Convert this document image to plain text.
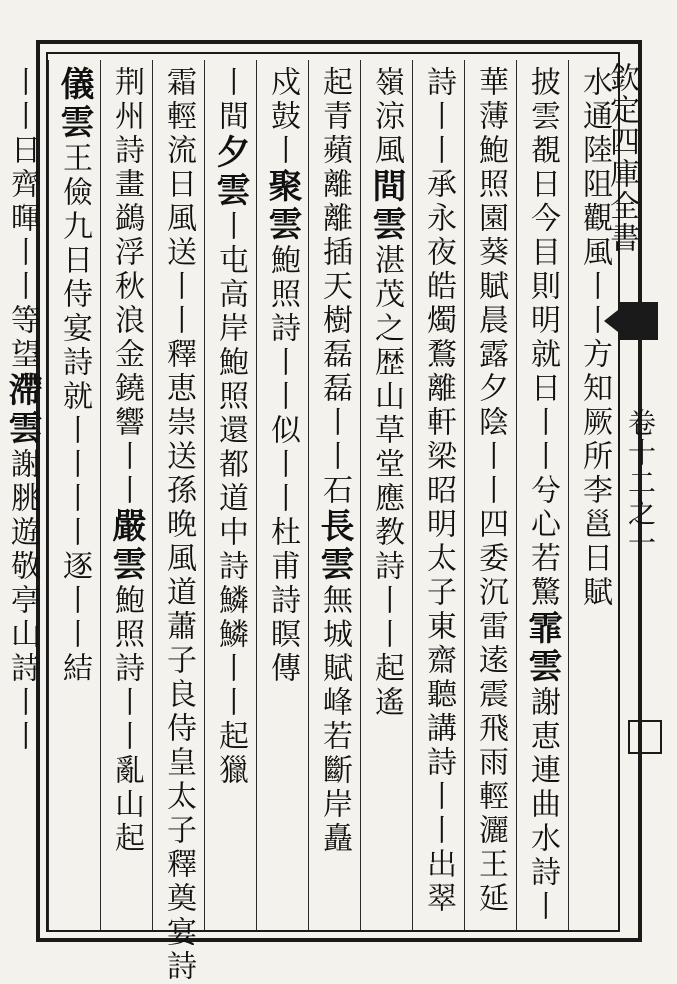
欽定四庫全書
卷十二之一
水通陸阻觀風丨丨方知厥所李邕日賦
披雲覩日今目則明就日丨丨兮心若驚霏雲謝恵連曲水詩丨
華薄鮑照園葵賦晨露夕陰丨丨四委沉雷逺震飛雨輕灑王延
詩丨丨承永夜皓燭鶩離軒梁昭明太子東齋聽講詩丨丨出翠
嶺涼風間雲湛茂之歴山草堂應教詩丨丨起遙
起青蘋離離插天樹磊磊丨丨石長雲無城賦峰若斷岸矗
戍鼓丨聚雲鮑照詩丨丨似丨丨杜甫詩瞑傳
丨間夕雲丨屯高岸鮑照還都道中詩鱗鱗丨丨起獵
霜輕流日風送丨丨釋恵崇送孫晚風道蕭子良侍皇太子釋奠宴詩
荆州詩畫鷁浮秋浪金鐃響丨丨嚴雲鮑照詩丨丨亂山起
儀雲王儉九日侍宴詩就丨丨丨丨逐丨丨結
丨丨日齊暉丨丨等望滯雲謝脁遊敬亭山詩丨丨
